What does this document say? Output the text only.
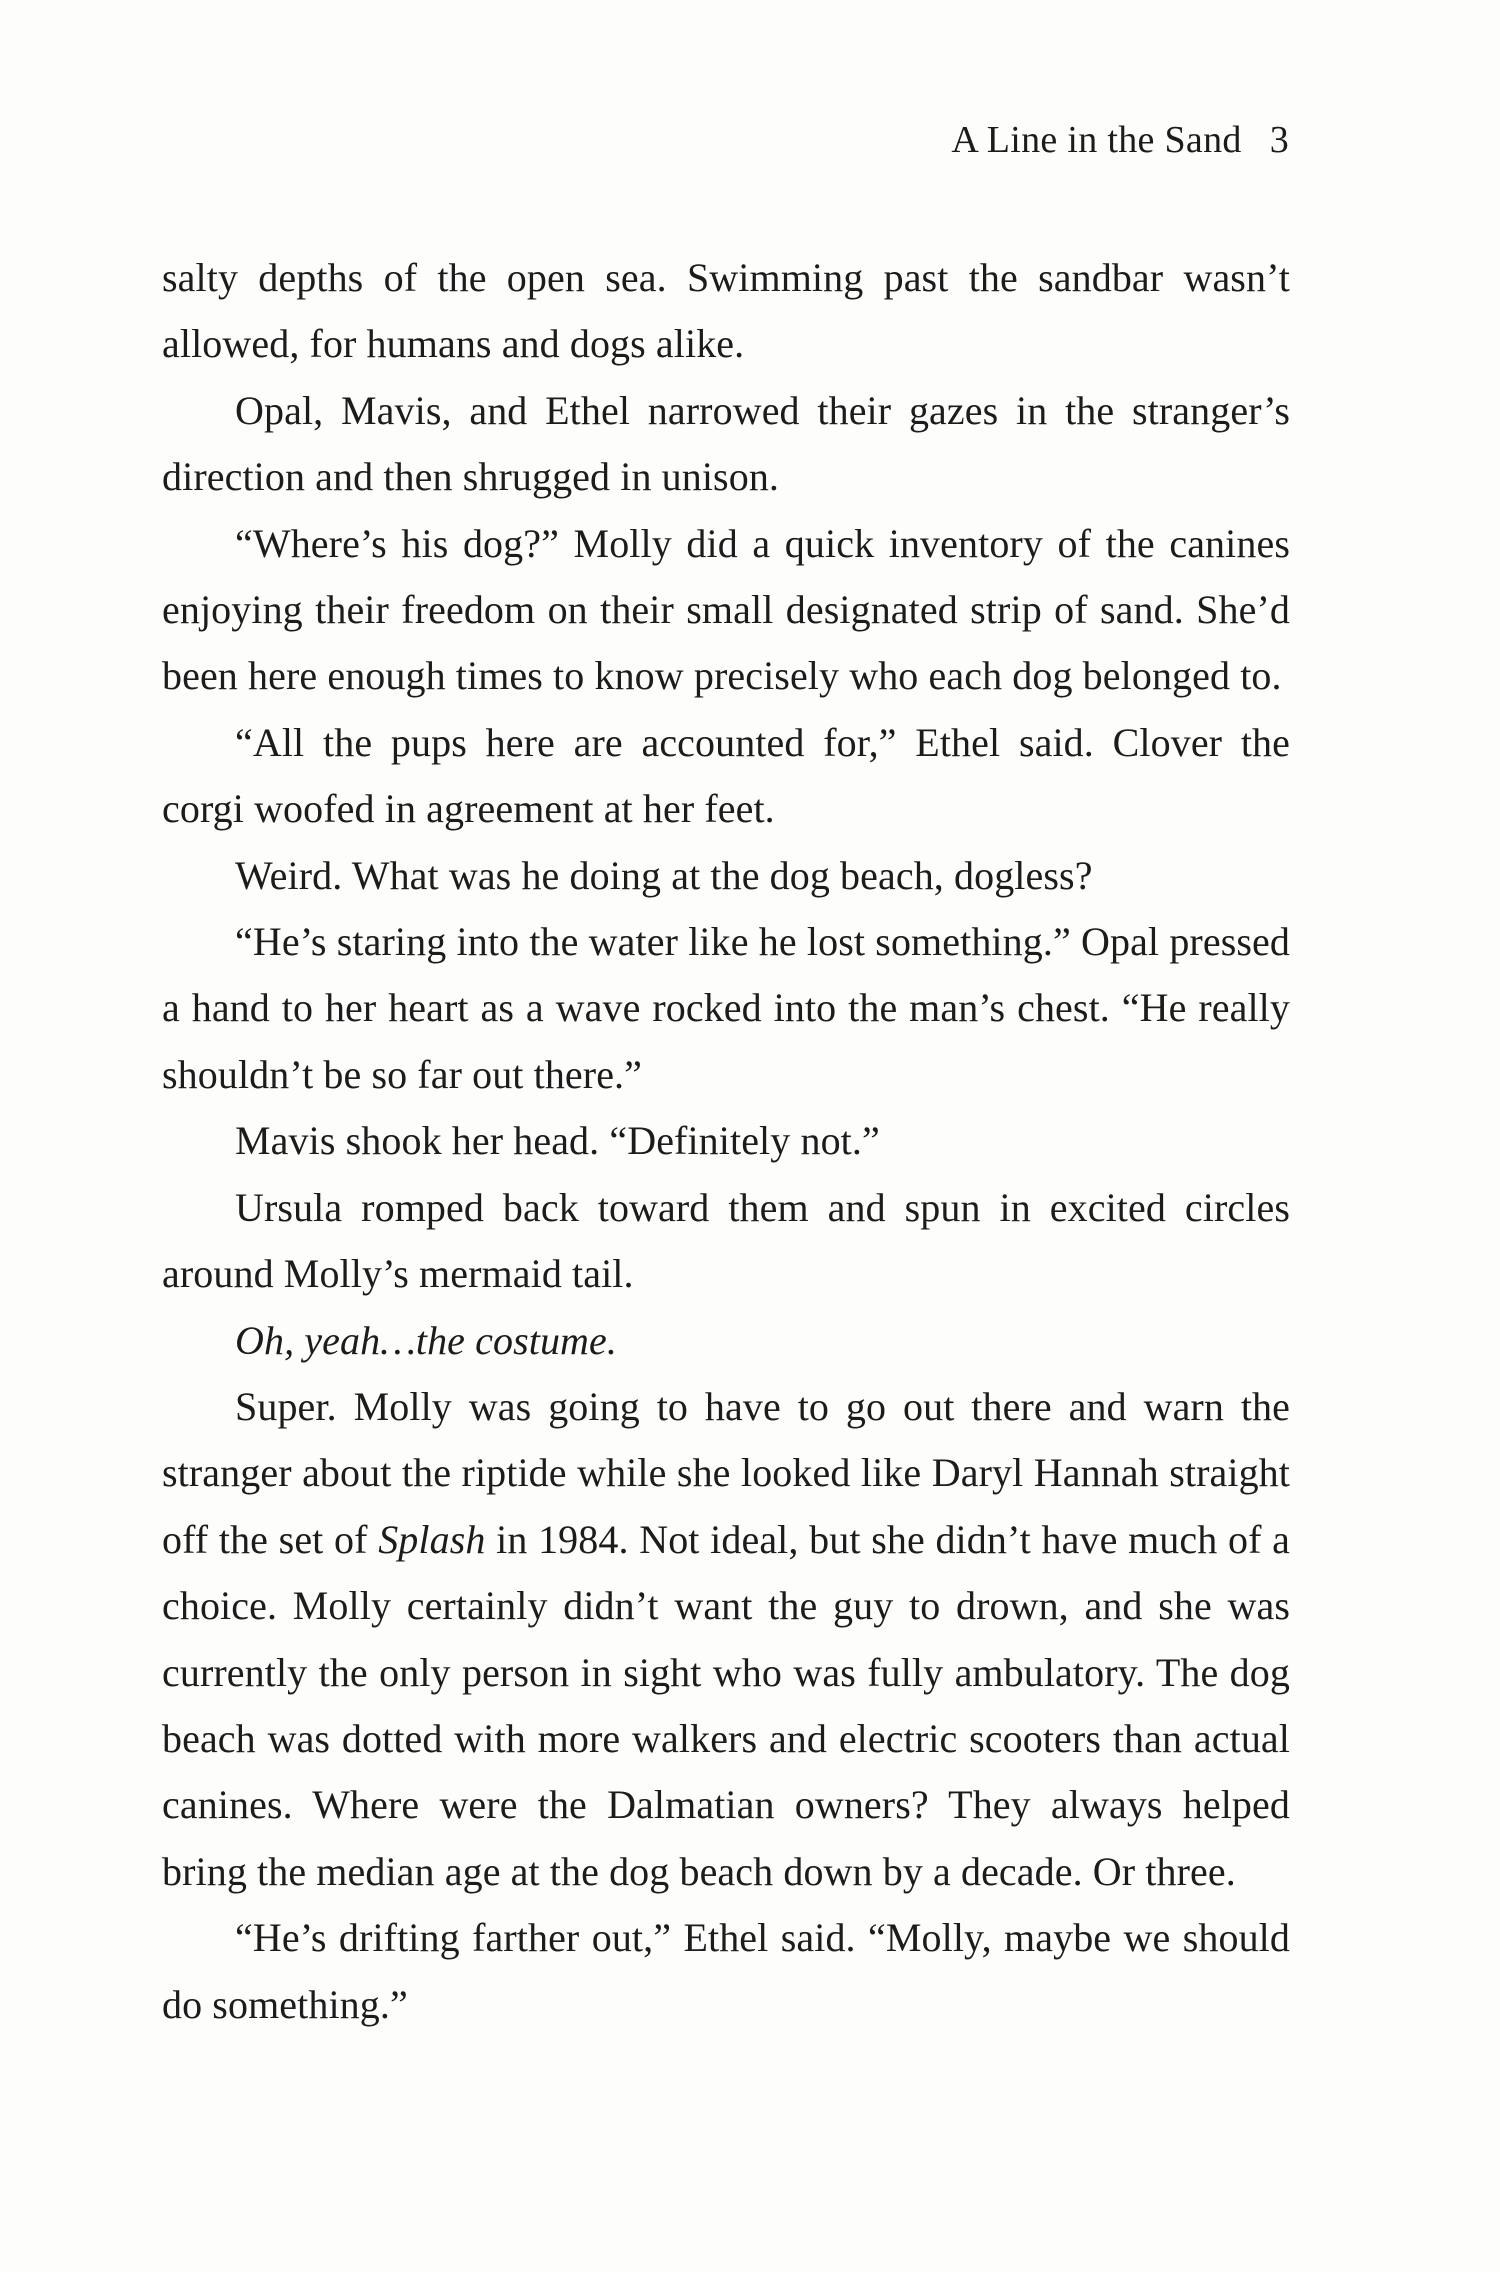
A Line in the Sand 3

salty depths of the open sea. Swimming past the sandbar wasn’t allowed, for humans and dogs alike.

Opal, Mavis, and Ethel narrowed their gazes in the stranger’s direction and then shrugged in unison.

“Where’s his dog?” Molly did a quick inventory of the canines enjoying their freedom on their small designated strip of sand. She’d been here enough times to know precisely who each dog belonged to.

“All the pups here are accounted for,” Ethel said. Clover the corgi woofed in agreement at her feet.

Weird. What was he doing at the dog beach, dogless?

“He’s staring into the water like he lost something.” Opal pressed a hand to her heart as a wave rocked into the man’s chest. “He really shouldn’t be so far out there.”

Mavis shook her head. “Definitely not.”

Ursula romped back toward them and spun in excited circles around Molly’s mermaid tail.

Oh, yeah…the costume.

Super. Molly was going to have to go out there and warn the stranger about the riptide while she looked like Daryl Hannah straight off the set of Splash in 1984. Not ideal, but she didn’t have much of a choice. Molly certainly didn’t want the guy to drown, and she was currently the only person in sight who was fully ambulatory. The dog beach was dotted with more walkers and electric scooters than actual canines. Where were the Dalmatian owners? They always helped bring the median age at the dog beach down by a decade. Or three.

“He’s drifting farther out,” Ethel said. “Molly, maybe we should do something.”
